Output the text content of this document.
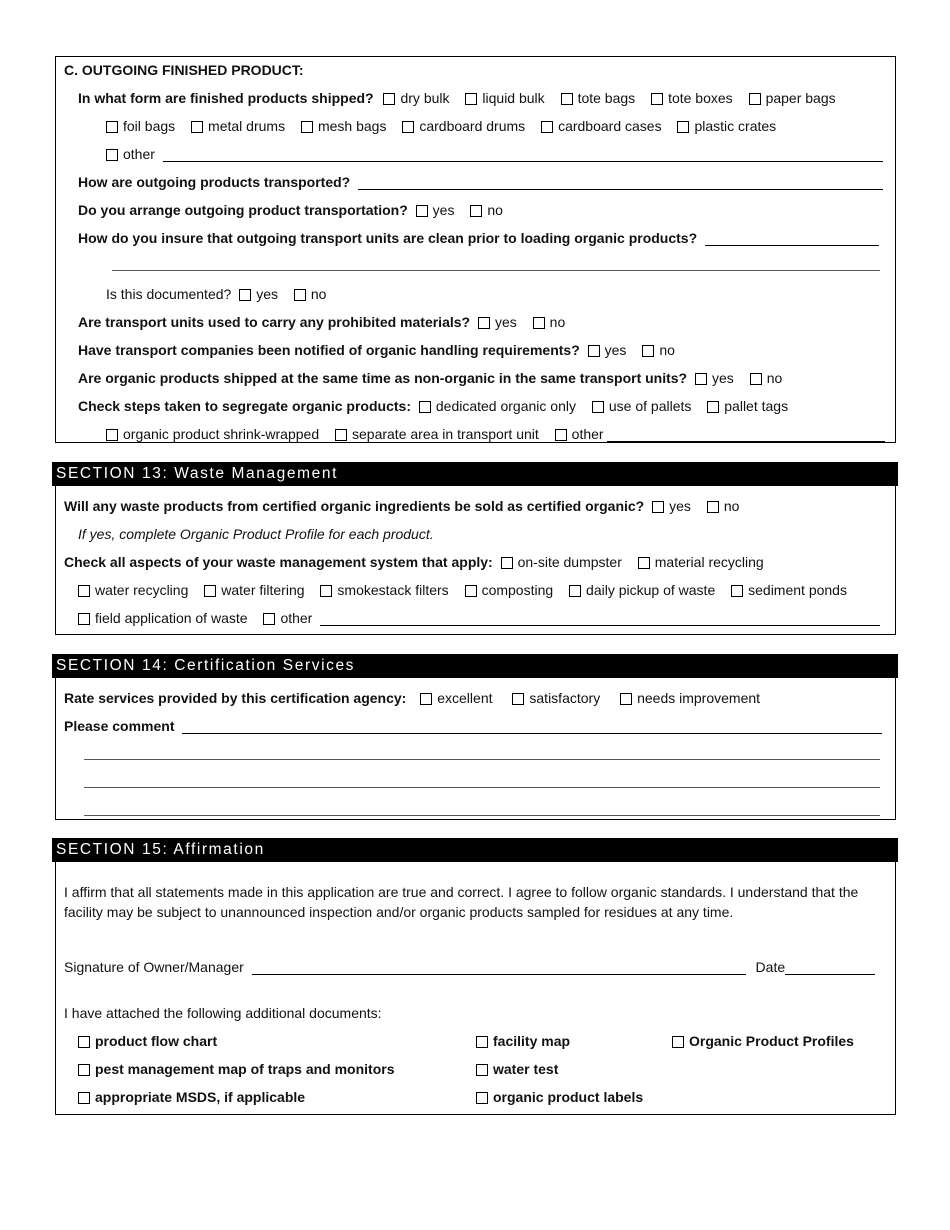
C. OUTGOING FINISHED PRODUCT:
In what form are finished products shipped? dry bulk liquid bulk tote bags tote boxes paper bags
foil bags metal drums mesh bags cardboard drums cardboard cases plastic crates
other
How are outgoing products transported?
Do you arrange outgoing product transportation? yes no
How do you insure that outgoing transport units are clean prior to loading organic products?
Is this documented? yes no
Are transport units used to carry any prohibited materials? yes no
Have transport companies been notified of organic handling requirements? yes no
Are organic products shipped at the same time as non-organic in the same transport units? yes no
Check steps taken to segregate organic products: dedicated organic only use of pallets pallet tags
organic product shrink-wrapped separate area in transport unit other
SECTION 13: Waste Management
Will any waste products from certified organic ingredients be sold as certified organic? yes no
If yes, complete Organic Product Profile for each product.
Check all aspects of your waste management system that apply: on-site dumpster material recycling
water recycling water filtering smokestack filters composting daily pickup of waste sediment ponds
field application of waste other
SECTION 14: Certification Services
Rate services provided by this certification agency: excellent	satisfactory	needs improvement
Please comment
SECTION 15: Affirmation
I affirm that all statements made in this application are true and correct. I agree to follow organic standards. I understand that the facility may be subject to unannounced inspection and/or organic products sampled for residues at any time.
Signature of Owner/Manager	Date
I have attached the following additional documents:
product flow chart	facility map	Organic Product Profiles
pest management map of traps and monitors	water test
appropriate MSDS, if applicable	organic product labels
